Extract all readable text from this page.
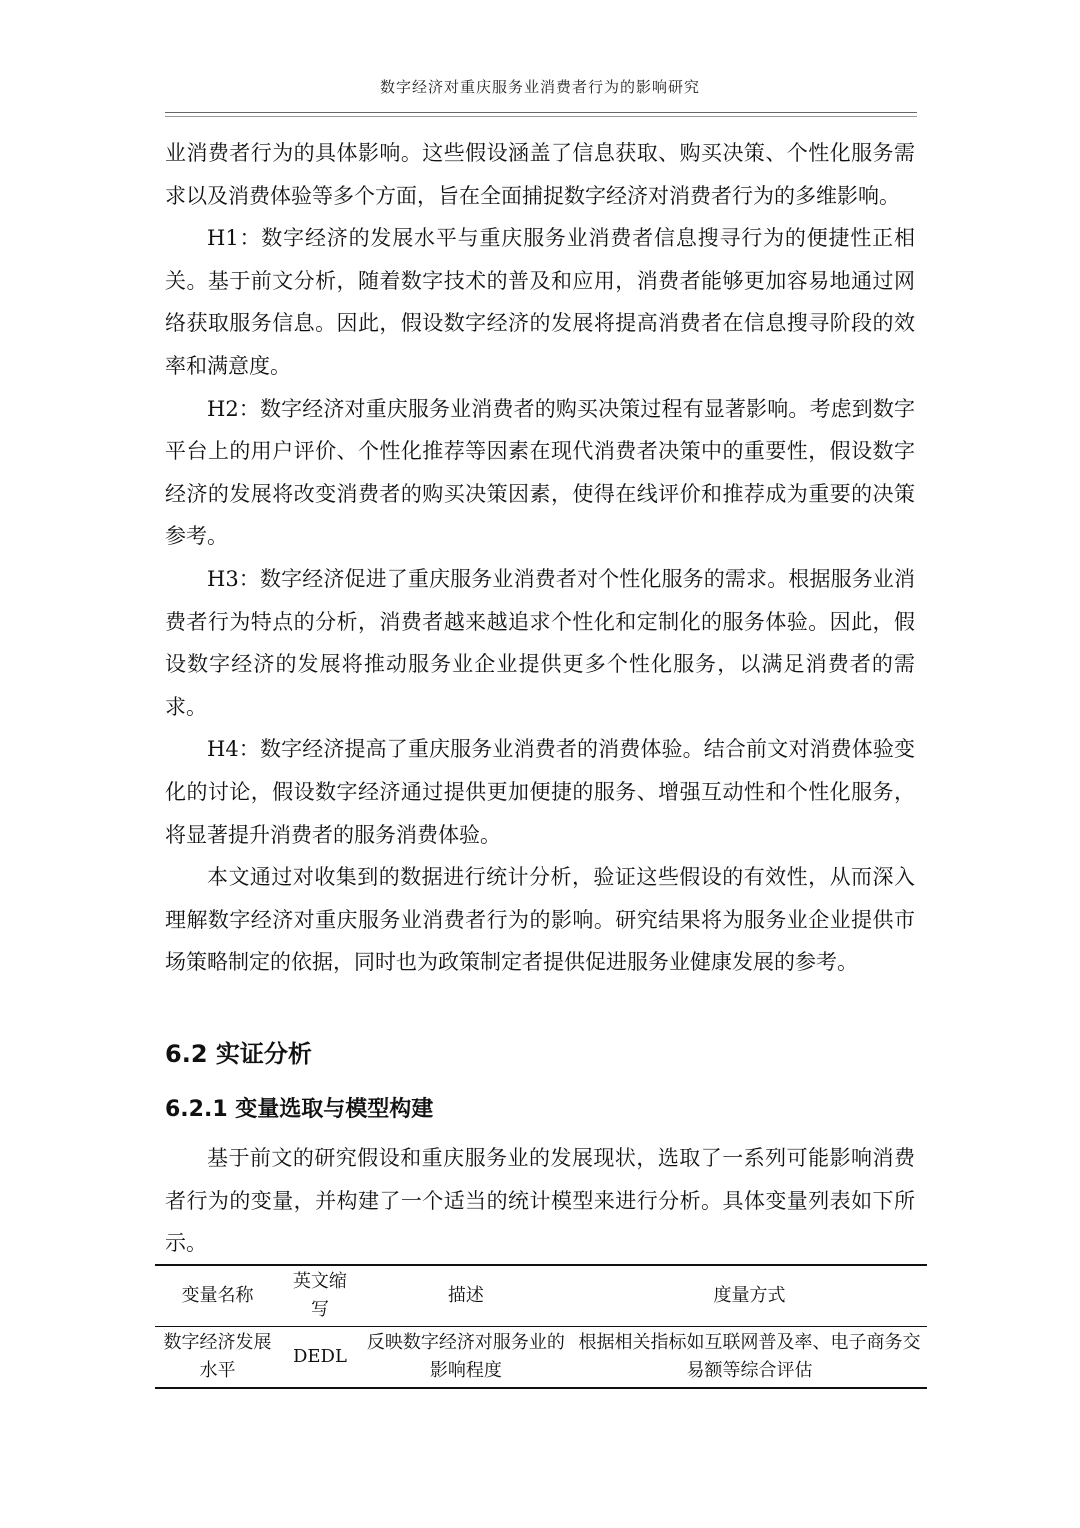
数字经济对重庆服务业消费者行为的影响研究

业消费者行为的具体影响。这些假设涵盖了信息获取、购买决策、个性化服务需求以及消费体验等多个方面，旨在全面捕捉数字经济对消费者行为的多维影响。

H1：数字经济的发展水平与重庆服务业消费者信息搜寻行为的便捷性正相关。基于前文分析，随着数字技术的普及和应用，消费者能够更加容易地通过网络获取服务信息。因此，假设数字经济的发展将提高消费者在信息搜寻阶段的效率和满意度。

H2：数字经济对重庆服务业消费者的购买决策过程有显著影响。考虑到数字平台上的用户评价、个性化推荐等因素在现代消费者决策中的重要性，假设数字经济的发展将改变消费者的购买决策因素，使得在线评价和推荐成为重要的决策参考。

H3：数字经济促进了重庆服务业消费者对个性化服务的需求。根据服务业消费者行为特点的分析，消费者越来越追求个性化和定制化的服务体验。因此，假设数字经济的发展将推动服务业企业提供更多个性化服务，以满足消费者的需求。

H4：数字经济提高了重庆服务业消费者的消费体验。结合前文对消费体验变化的讨论，假设数字经济通过提供更加便捷的服务、增强互动性和个性化服务，将显著提升消费者的服务消费体验。

本文通过对收集到的数据进行统计分析，验证这些假设的有效性，从而深入理解数字经济对重庆服务业消费者行为的影响。研究结果将为服务业企业提供市场策略制定的依据，同时也为政策制定者提供促进服务业健康发展的参考。

6.2 实证分析
6.2.1 变量选取与模型构建

基于前文的研究假设和重庆服务业的发展现状，选取了一系列可能影响消费者行为的变量，并构建了一个适当的统计模型来进行分析。具体变量列表如下所示。

变量名称	英文缩写	描述	度量方式
数字经济发展水平	DEDL	反映数字经济对服务业的影响程度	根据相关指标如互联网普及率、电子商务交易额等综合评估
